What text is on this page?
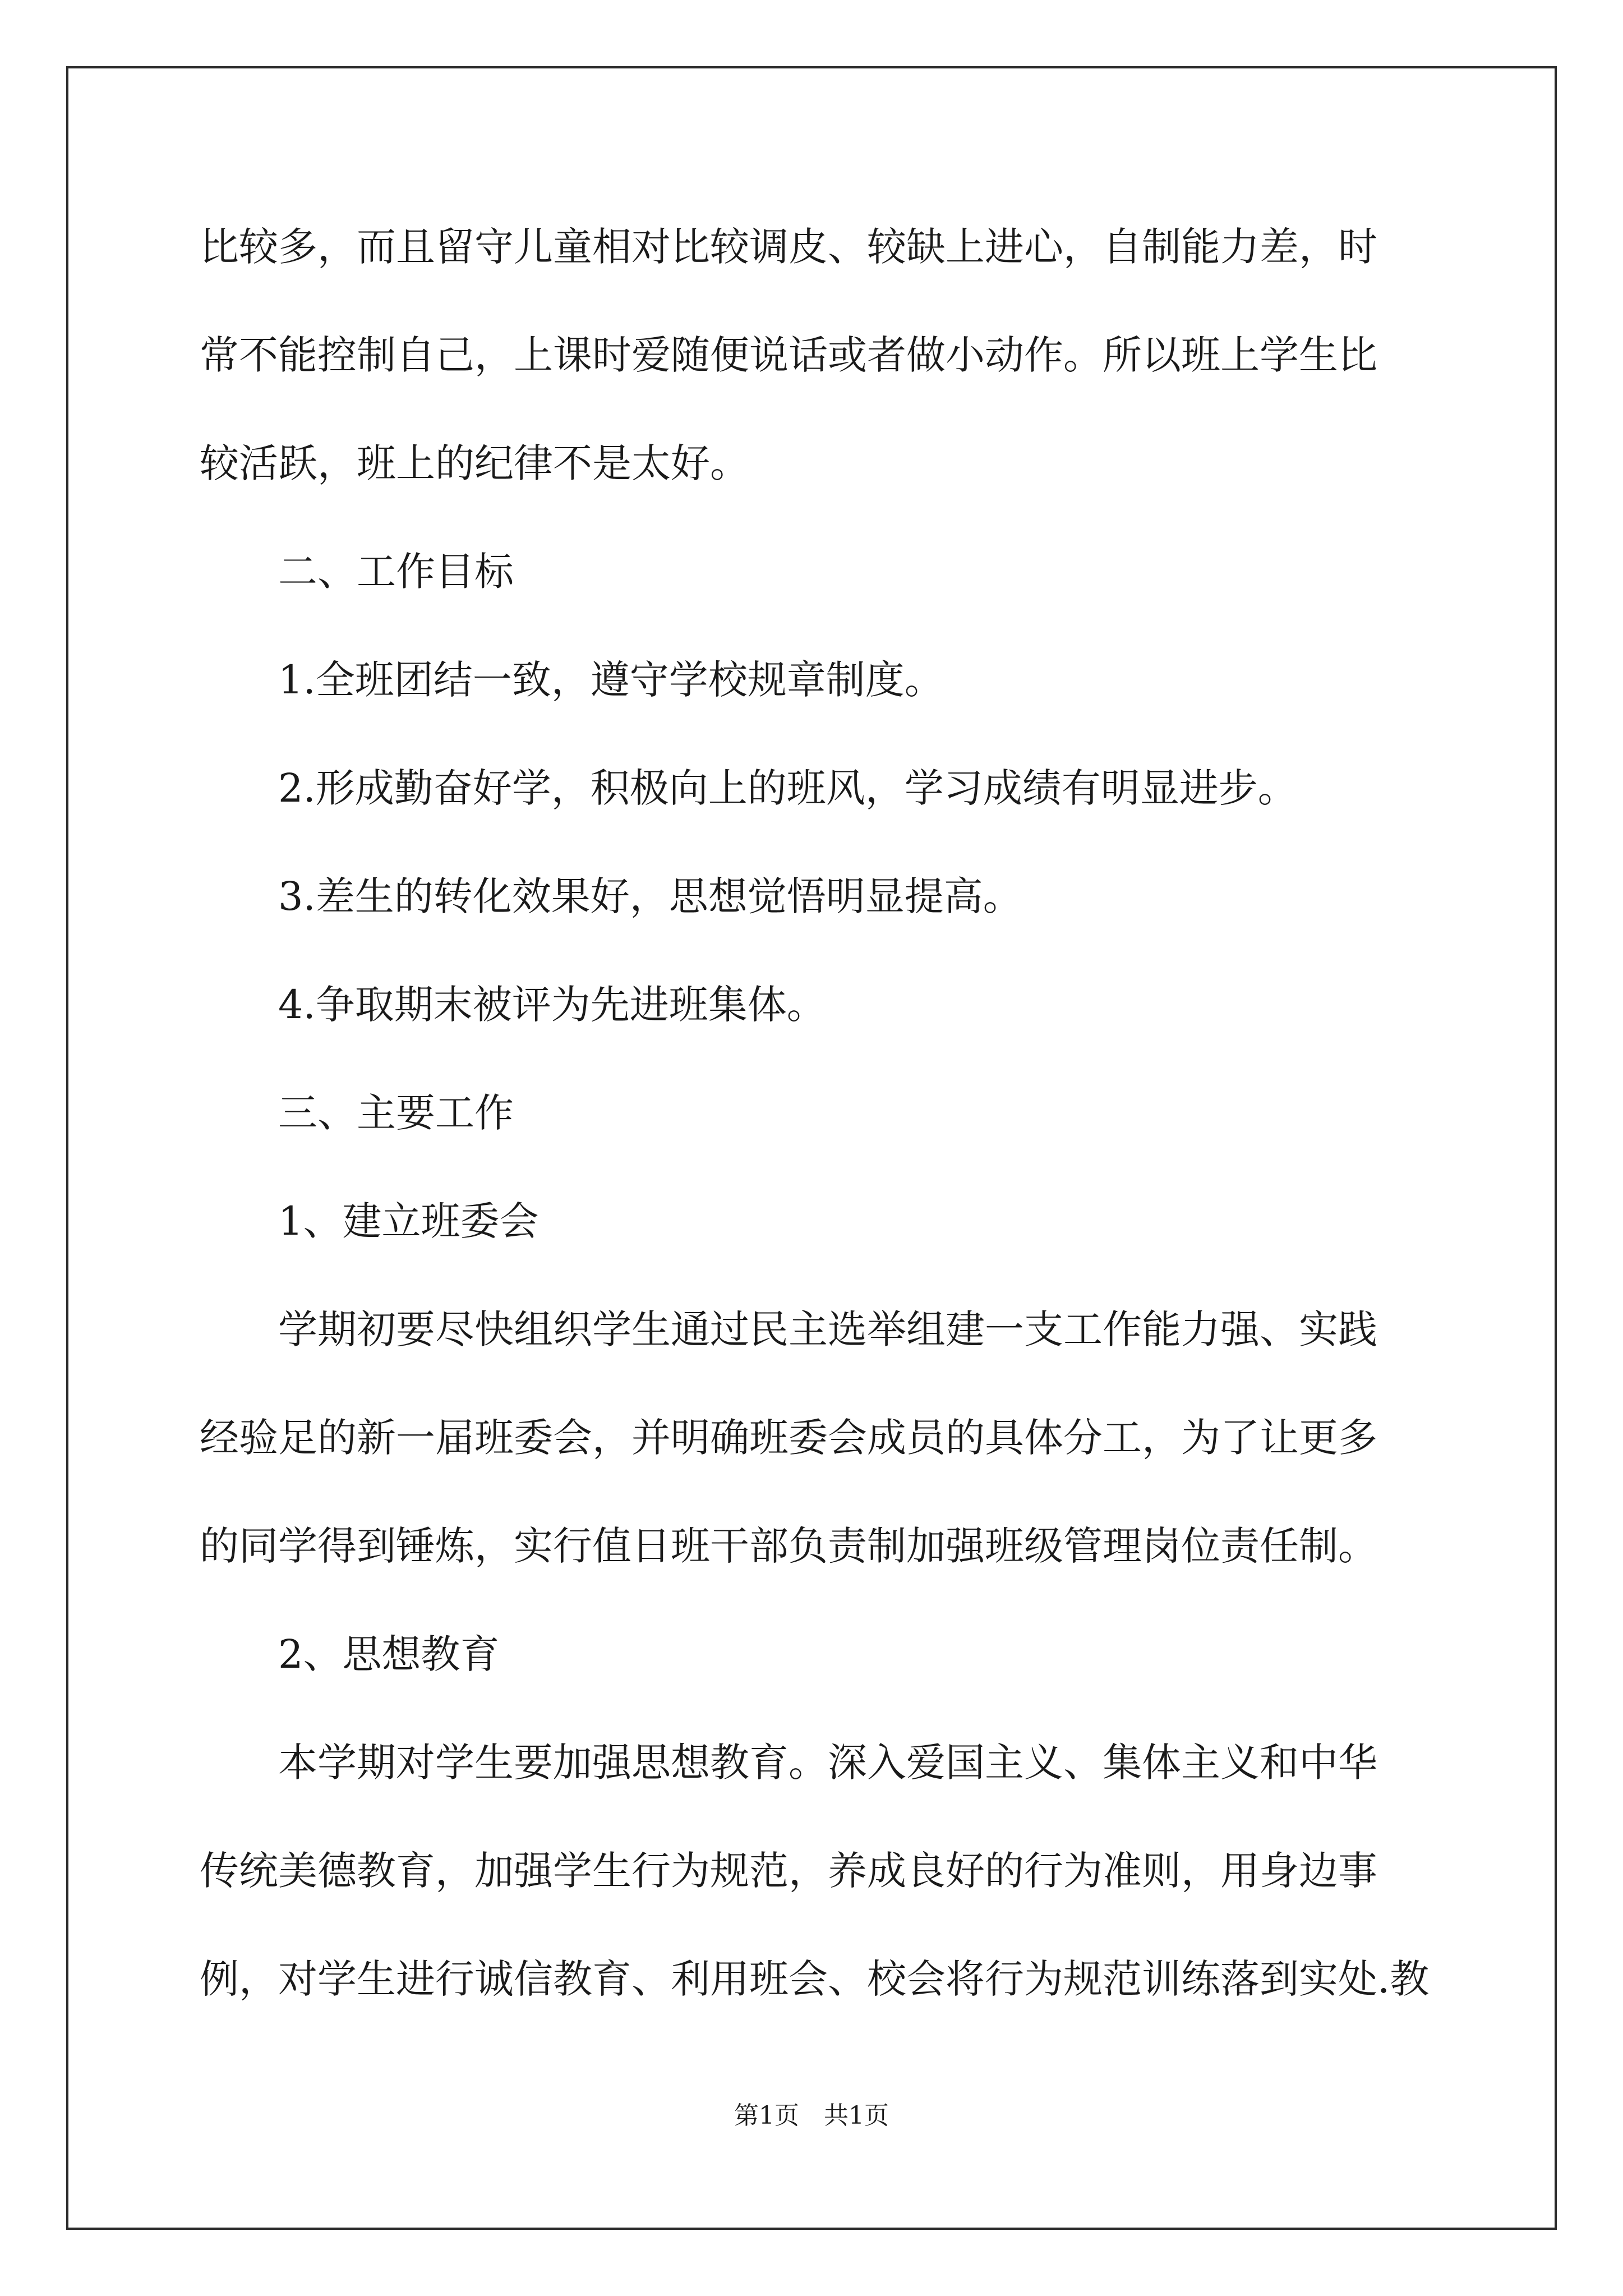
比较多，而且留守儿童相对比较调皮、较缺上进心，自制能力差，时
常不能控制自己，上课时爱随便说话或者做小动作。所以班上学生比
较活跃，班上的纪律不是太好。
二、工作目标
1.全班团结一致，遵守学校规章制度。
2.形成勤奋好学，积极向上的班风，学习成绩有明显进步。
3.差生的转化效果好，思想觉悟明显提高。
4.争取期末被评为先进班集体。
三、主要工作
1、建立班委会
学期初要尽快组织学生通过民主选举组建一支工作能力强、实践
经验足的新一届班委会，并明确班委会成员的具体分工，为了让更多
的同学得到锤炼，实行值日班干部负责制加强班级管理岗位责任制。
2、思想教育
本学期对学生要加强思想教育。深入爱国主义、集体主义和中华
传统美德教育，加强学生行为规范，养成良好的行为准则，用身边事
例，对学生进行诚信教育、利用班会、校会将行为规范训练落到实处.教
第1页　共1页
